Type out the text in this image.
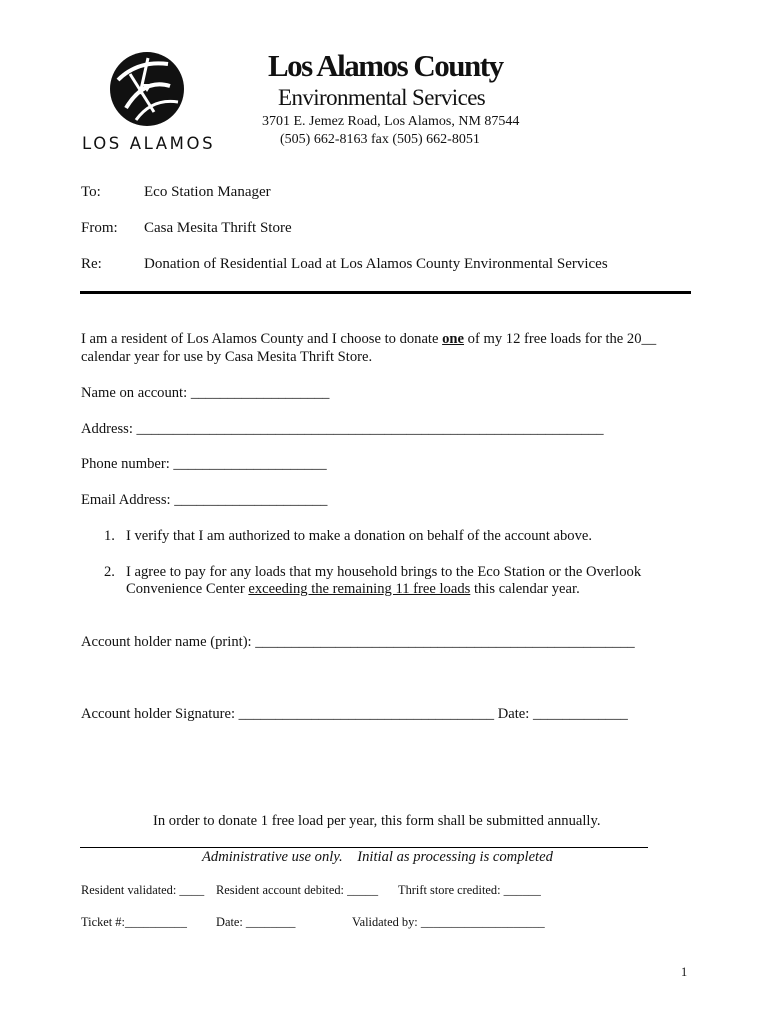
LOS ALAMOS
Los Alamos County
Environmental Services
3701 E. Jemez Road, Los Alamos, NM 87544
(505) 662-8163 fax (505) 662-8051
To:	Eco Station Manager
From: Casa Mesita Thrift Store
Re:	Donation of Residential Load at Los Alamos County Environmental Services
I am a resident of Los Alamos County and I choose to donate one of my 12 free loads for the 20__
calendar year for use by Casa Mesita Thrift Store.
Name on account: ___________________
Address: ________________________________________________________________
Phone number: _____________________
Email Address: _____________________
1. I verify that I am authorized to make a donation on behalf of the account above.
2. I agree to pay for any loads that my household brings to the Eco Station or the Overlook
Convenience Center exceeding the remaining 11 free loads this calendar year.
Account holder name (print): ____________________________________________________
Account holder Signature: ___________________________________ Date: _____________
In order to donate 1 free load per year, this form shall be submitted annually.
Administrative use only.    Initial as processing is completed
Resident validated: ____ Resident account debited: _____ Thrift store credited: ______
Ticket #:__________ Date: ________	Validated by: ____________________
1
